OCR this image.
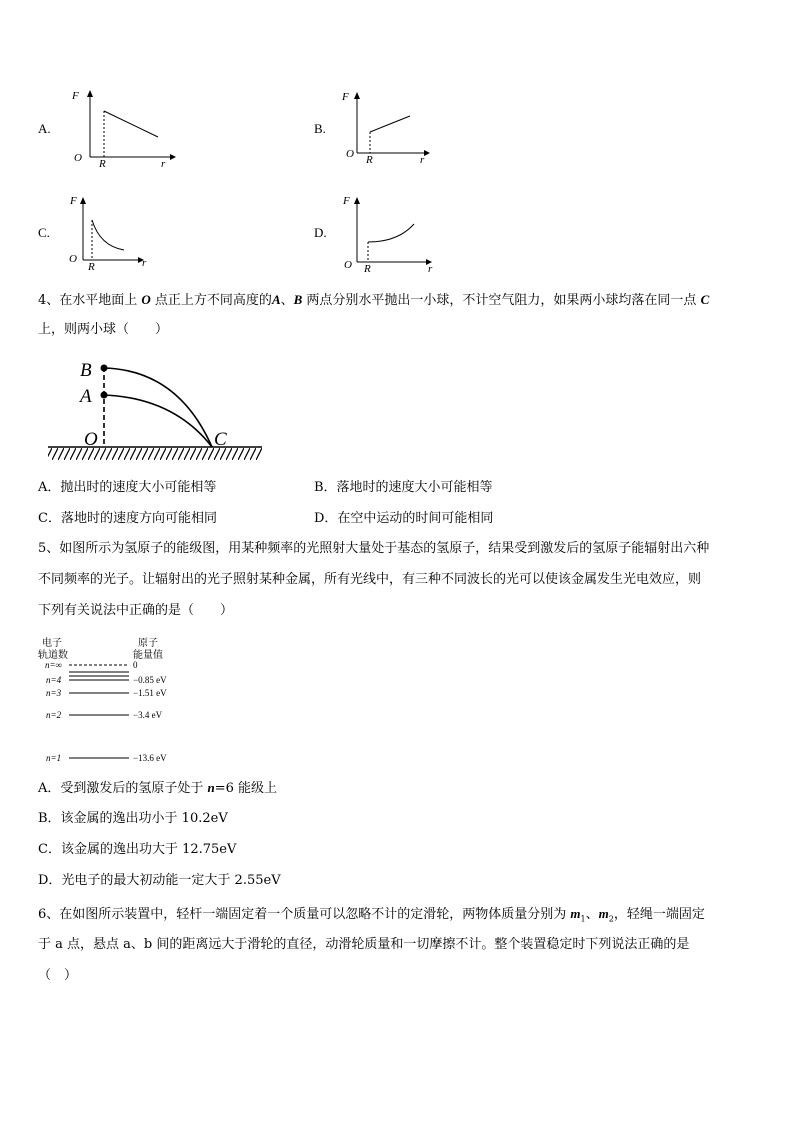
A.
F
O R	r
B.
F
O R	r
C.
F
O
R	r
D.
F
O R	r
4、在水平地面上 O 点正上方不同高度的A、B 两点分别水平抛出一小球，不计空气阻力，如果两小球均落在同一点 C
上，则两小球（　　）
B
A
O	C
A．抛出时的速度大小可能相等	B．落地时的速度大小可能相等
C．落地时的速度方向可能相同	D．在空中运动的时间可能相同
5、如图所示为氢原子的能级图，用某种频率的光照射大量处于基态的氢原子，结果受到激发后的氢原子能辐射出六种
不同频率的光子。让辐射出的光子照射某种金属，所有光线中，有三种不同波长的光可以使该金属发生光电效应，则
下列有关说法中正确的是（　　）
电子
轨道数
原子
能量值
n=∞	0
n=4	−0.85 eV
n=3	−1.51 eV
n=2	−3.4 eV
n=1	−13.6 eV
A．受到激发后的氢原子处于 n=6 能级上
B．该金属的逸出功小于 10.2eV
C．该金属的逸出功大于 12.75eV
D．光电子的最大初动能一定大于 2.55eV
6、在如图所示装置中，轻杆一端固定着一个质量可以忽略不计的定滑轮，两物体质量分别为 $m_1$、$m_2$，轻绳一端固定
于 a 点，悬点 a、b 间的距离远大于滑轮的直径，动滑轮质量和一切摩擦不计。整个装置稳定时下列说法正确的是
（　）
